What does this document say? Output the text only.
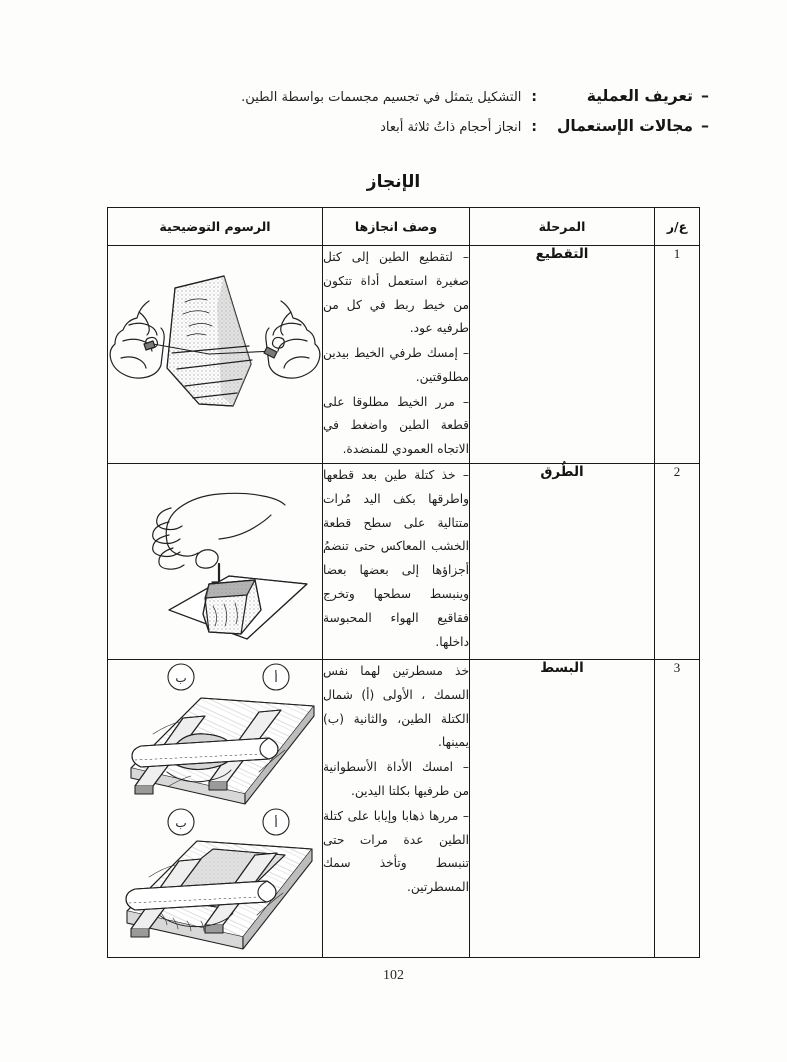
–
تعريف العملية
:
التشكيل يتمثل في تجسيم مجسمات بواسطة الطين.
–
مجالات الإستعمال
:
انجاز أحجام ذاتُ ثلاثة أبعاد
الإنجاز
ع/ر	المرحلة	وصف انجازها	الرسوم التوضيحية
1	التقطيع	– لتقطيع الطين إلى كتل صغيرة استعمل أداة تتكون من خيط ربط في كل من طرفيه عود.

– إمسك طرفي الخيط بيدين مطلوقتين.

– مرر الخيط مطلوقا على قطعة الطين واضغط في الاتجاه العمودي للمنضدة.

2	الطُرق	– خذ كتلة طين بعد قطعها واطرقها بكف اليد مُرات متتالية على سطح قطعة الخشب المعاكس حتى تنضمُ أجزاؤها إلى بعضها بعضا وينبسط سطحها وتخرج فقاقيع الهواء المحبوسة داخلها.

3	البسط	

خذ مسطرتين لهما نفس السمك ، الأولى (أ) شمال الكتلة الطين، والثانية (ب) يمينها.

– امسك الأداة الأسطوانية من طرفيها بكلتا اليدين.

– مررها ذهابا وإيابا على كتلة الطين عدة مرات حتى تنبسط وتأخذ سمك المسطرتين.

ب	أ
ب	أ
102
